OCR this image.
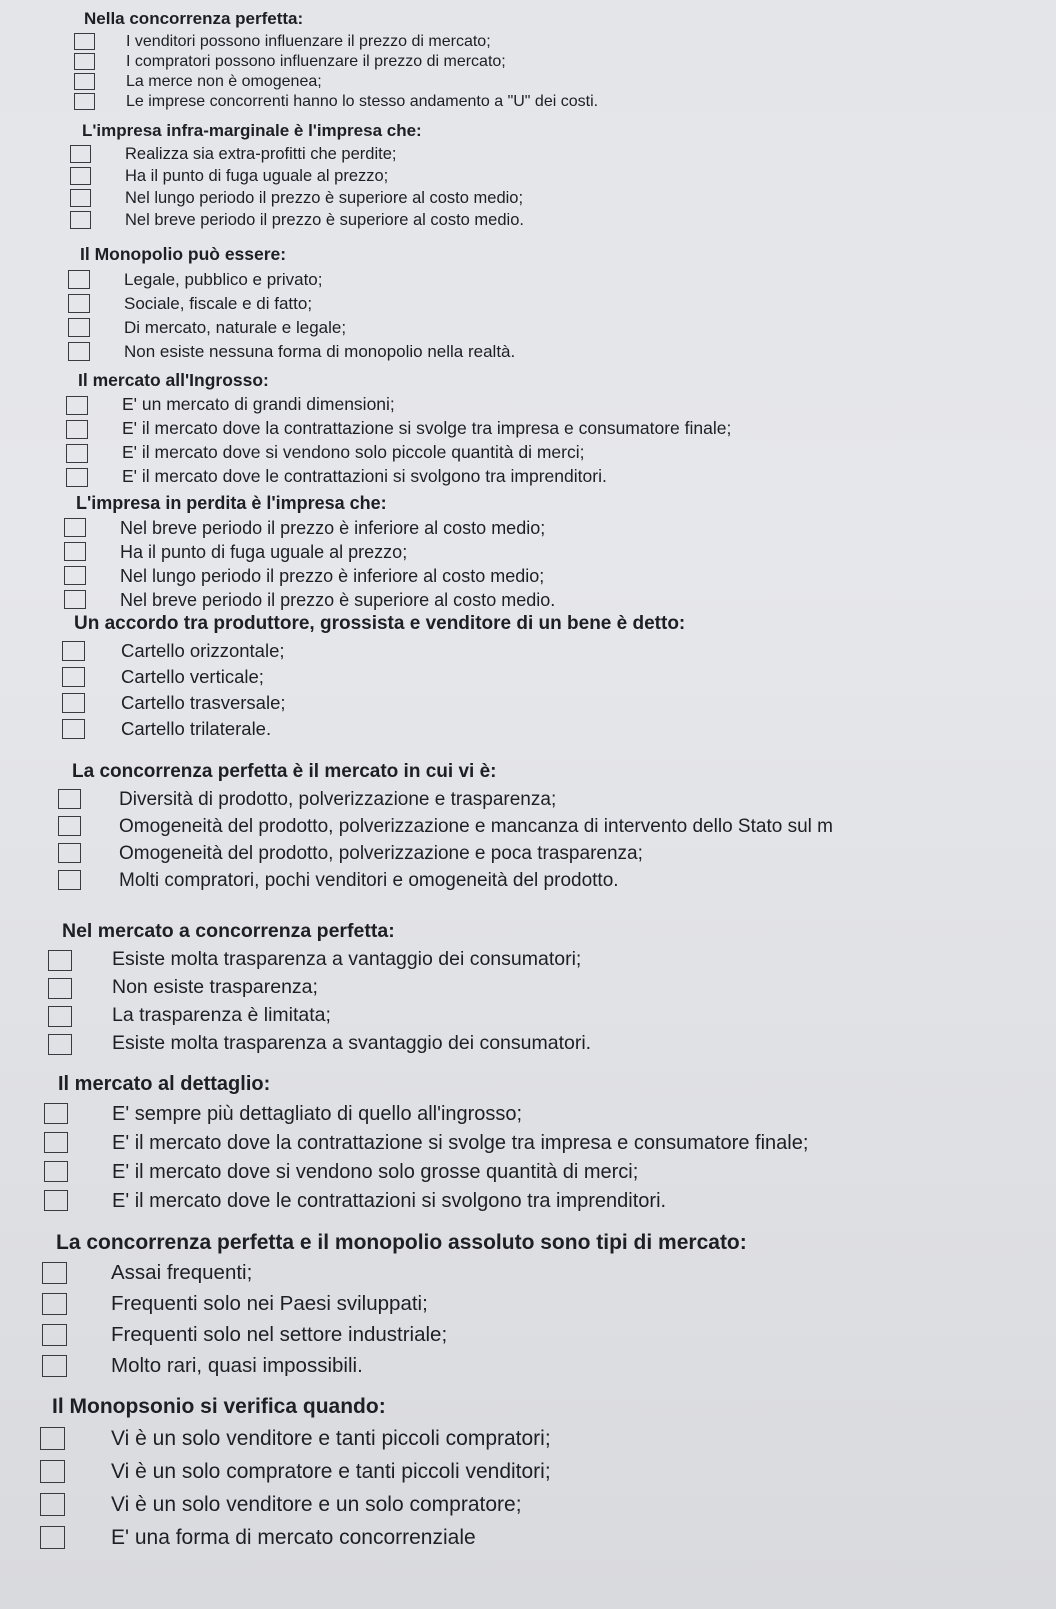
Nella concorrenza perfetta:
I venditori possono influenzare il prezzo di mercato;
I compratori possono influenzare il prezzo di mercato;
La merce non è omogenea;
Le imprese concorrenti hanno lo stesso andamento a "U" dei costi.
L'impresa infra-marginale è l'impresa che:
Realizza sia extra-profitti che perdite;
Ha il punto di fuga uguale al prezzo;
Nel lungo periodo il prezzo è superiore al costo medio;
Nel breve periodo il prezzo è superiore al costo medio.
Il Monopolio può essere:
Legale, pubblico e privato;
Sociale, fiscale e di fatto;
Di mercato, naturale e legale;
Non esiste nessuna forma di monopolio nella realtà.
Il mercato all'Ingrosso:
E' un mercato di grandi dimensioni;
E' il mercato dove la contrattazione si svolge tra impresa e consumatore finale;
E' il mercato dove si vendono solo piccole quantità di merci;
E' il mercato dove le contrattazioni si svolgono tra imprenditori.
L'impresa in perdita è l'impresa che:
Nel breve periodo il prezzo è inferiore al costo medio;
Ha il punto di fuga uguale al prezzo;
Nel lungo periodo il prezzo è inferiore al costo medio;
Nel breve periodo il prezzo è superiore al costo medio.
Un accordo tra produttore, grossista e venditore di un bene è detto:
Cartello orizzontale;
Cartello verticale;
Cartello trasversale;
Cartello trilaterale.
La concorrenza perfetta è il mercato in cui vi è:
Diversità di prodotto, polverizzazione e trasparenza;
Omogeneità del prodotto, polverizzazione e mancanza di intervento dello Stato sul m
Omogeneità del prodotto, polverizzazione e poca trasparenza;
Molti compratori, pochi venditori e omogeneità del prodotto.
Nel mercato a concorrenza perfetta:
Esiste molta trasparenza a vantaggio dei consumatori;
Non esiste trasparenza;
La trasparenza è limitata;
Esiste molta trasparenza a svantaggio dei consumatori.
Il mercato al dettaglio:
E' sempre più dettagliato di quello all'ingrosso;
E' il mercato dove la contrattazione si svolge tra impresa e consumatore finale;
E' il mercato dove si vendono solo grosse quantità di merci;
E' il mercato dove le contrattazioni si svolgono tra imprenditori.
La concorrenza perfetta e il monopolio assoluto sono tipi di mercato:
Assai frequenti;
Frequenti solo nei Paesi sviluppati;
Frequenti solo nel settore industriale;
Molto rari, quasi impossibili.
Il Monopsonio si verifica quando:
Vi è un solo venditore e tanti piccoli compratori;
Vi è un solo compratore e tanti piccoli venditori;
Vi è un solo venditore e un solo compratore;
E' una forma di mercato concorrenziale
